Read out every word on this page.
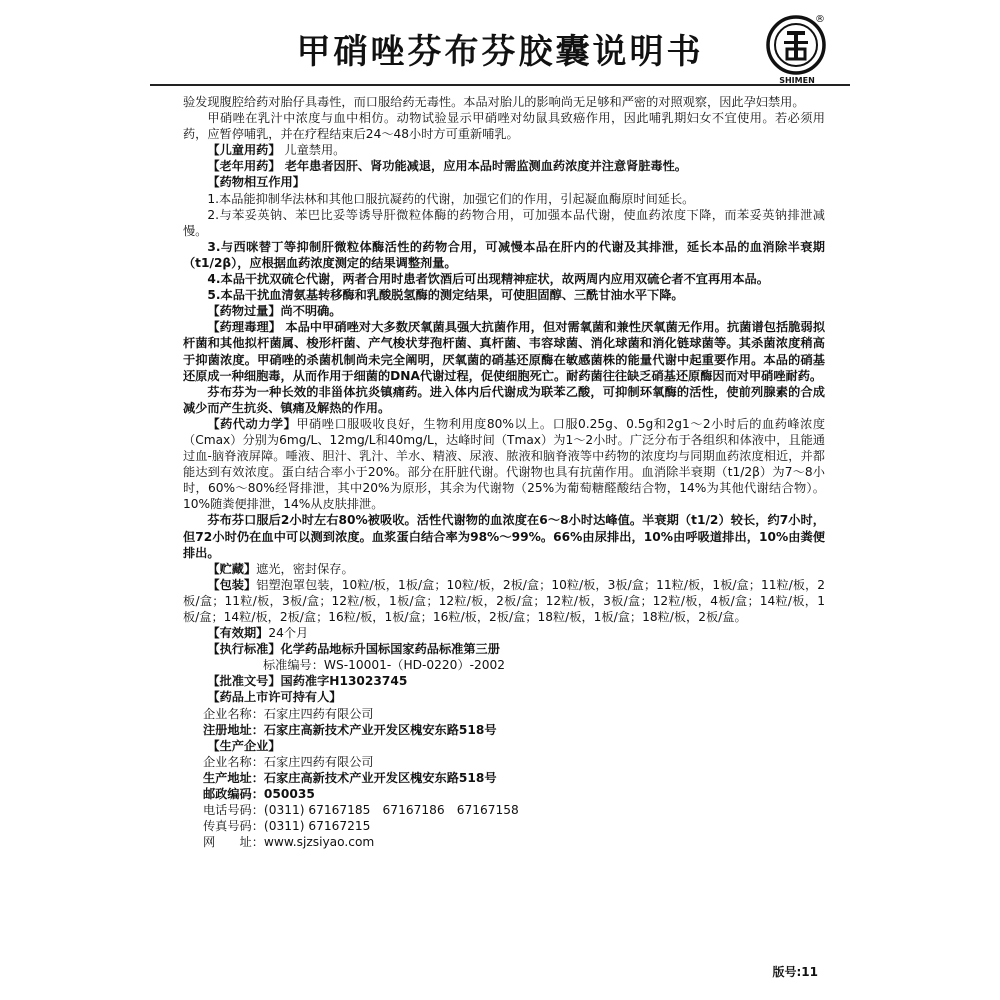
甲硝唑芬布芬胶囊说明书
®
SHIMEN

验发现腹腔给药对胎仔具毒性，而口服给药无毒性。本品对胎儿的影响尚无足够和严密的对照观察，因此孕妇禁用。

甲硝唑在乳汁中浓度与血中相仿。动物试验显示甲硝唑对幼鼠具致癌作用，因此哺乳期妇女不宜使用。若必须用药，应暂停哺乳，并在疗程结束后24～48小时方可重新哺乳。

【儿童用药】 儿童禁用。

【老年用药】 老年患者因肝、肾功能减退，应用本品时需监测血药浓度并注意肾脏毒性。

【药物相互作用】

1.本品能抑制华法林和其他口服抗凝药的代谢，加强它们的作用，引起凝血酶原时间延长。

2.与苯妥英钠、苯巴比妥等诱导肝微粒体酶的药物合用，可加强本品代谢，使血药浓度下降，而苯妥英钠排泄减慢。

3.与西咪替丁等抑制肝微粒体酶活性的药物合用，可减慢本品在肝内的代谢及其排泄，延长本品的血消除半衰期（t1/2β），应根据血药浓度测定的结果调整剂量。

4.本品干扰双硫仑代谢，两者合用时患者饮酒后可出现精神症状，故两周内应用双硫仑者不宜再用本品。

5.本品干扰血清氨基转移酶和乳酸脱氢酶的测定结果，可使胆固醇、三酰甘油水平下降。

【药物过量】尚不明确。

【药理毒理】 本品中甲硝唑对大多数厌氧菌具强大抗菌作用，但对需氧菌和兼性厌氧菌无作用。抗菌谱包括脆弱拟杆菌和其他拟杆菌属、梭形杆菌、产气梭状芽孢杆菌、真杆菌、韦容球菌、消化球菌和消化链球菌等。其杀菌浓度稍高于抑菌浓度。甲硝唑的杀菌机制尚未完全阐明，厌氧菌的硝基还原酶在敏感菌株的能量代谢中起重要作用。本品的硝基还原成一种细胞毒，从而作用于细菌的DNA代谢过程，促使细胞死亡。耐药菌往往缺乏硝基还原酶因而对甲硝唑耐药。

芬布芬为一种长效的非甾体抗炎镇痛药。进入体内后代谢成为联苯乙酸，可抑制环氧酶的活性，使前列腺素的合成减少而产生抗炎、镇痛及解热的作用。

【药代动力学】甲硝唑口服吸收良好，生物利用度80%以上。口服0.25g、0.5g和2g1～2小时后的血药峰浓度（Cmax）分别为6mg/L、12mg/L和40mg/L，达峰时间（Tmax）为1～2小时。广泛分布于各组织和体液中，且能通过血-脑脊液屏障。唾液、胆汁、乳汁、羊水、精液、尿液、脓液和脑脊液等中药物的浓度均与同期血药浓度相近，并都能达到有效浓度。蛋白结合率小于20%。部分在肝脏代谢。代谢物也具有抗菌作用。血消除半衰期（t1/2β）为7～8小时，60%～80%经肾排泄，其中20%为原形，其余为代谢物（25%为葡萄糖醛酸结合物，14%为其他代谢结合物）。10%随粪便排泄，14%从皮肤排泄。

芬布芬口服后2小时左右80%被吸收。活性代谢物的血浓度在6～8小时达峰值。半衰期（t1/2）较长，约7小时，但72小时仍在血中可以测到浓度。血浆蛋白结合率为98%～99%。66%由尿排出，10%由呼吸道排出，10%由粪便排出。

【贮藏】遮光，密封保存。

【包装】铝塑泡罩包装，10粒/板，1板/盒；10粒/板，2板/盒；10粒/板，3板/盒；11粒/板，1板/盒；11粒/板，2板/盒；11粒/板，3板/盒；12粒/板，1板/盒；12粒/板，2板/盒；12粒/板，3板/盒；12粒/板，4板/盒；14粒/板，1板/盒；14粒/板，2板/盒；16粒/板，1板/盒；16粒/板，2板/盒；18粒/板，1板/盒；18粒/板，2板/盒。

【有效期】24个月

【执行标准】化学药品地标升国标国家药品标准第三册

标准编号：WS-10001-（HD-0220）-2002

【批准文号】国药准字H13023745

【药品上市许可持有人】

企业名称：石家庄四药有限公司

注册地址：石家庄高新技术产业开发区槐安东路518号

【生产企业】

企业名称：石家庄四药有限公司

生产地址：石家庄高新技术产业开发区槐安东路518号

邮政编码：050035

电话号码：(0311) 67167185　67167186　67167158

传真号码：(0311) 67167215

网　　址：www.sjzsiyao.com

版号:11
